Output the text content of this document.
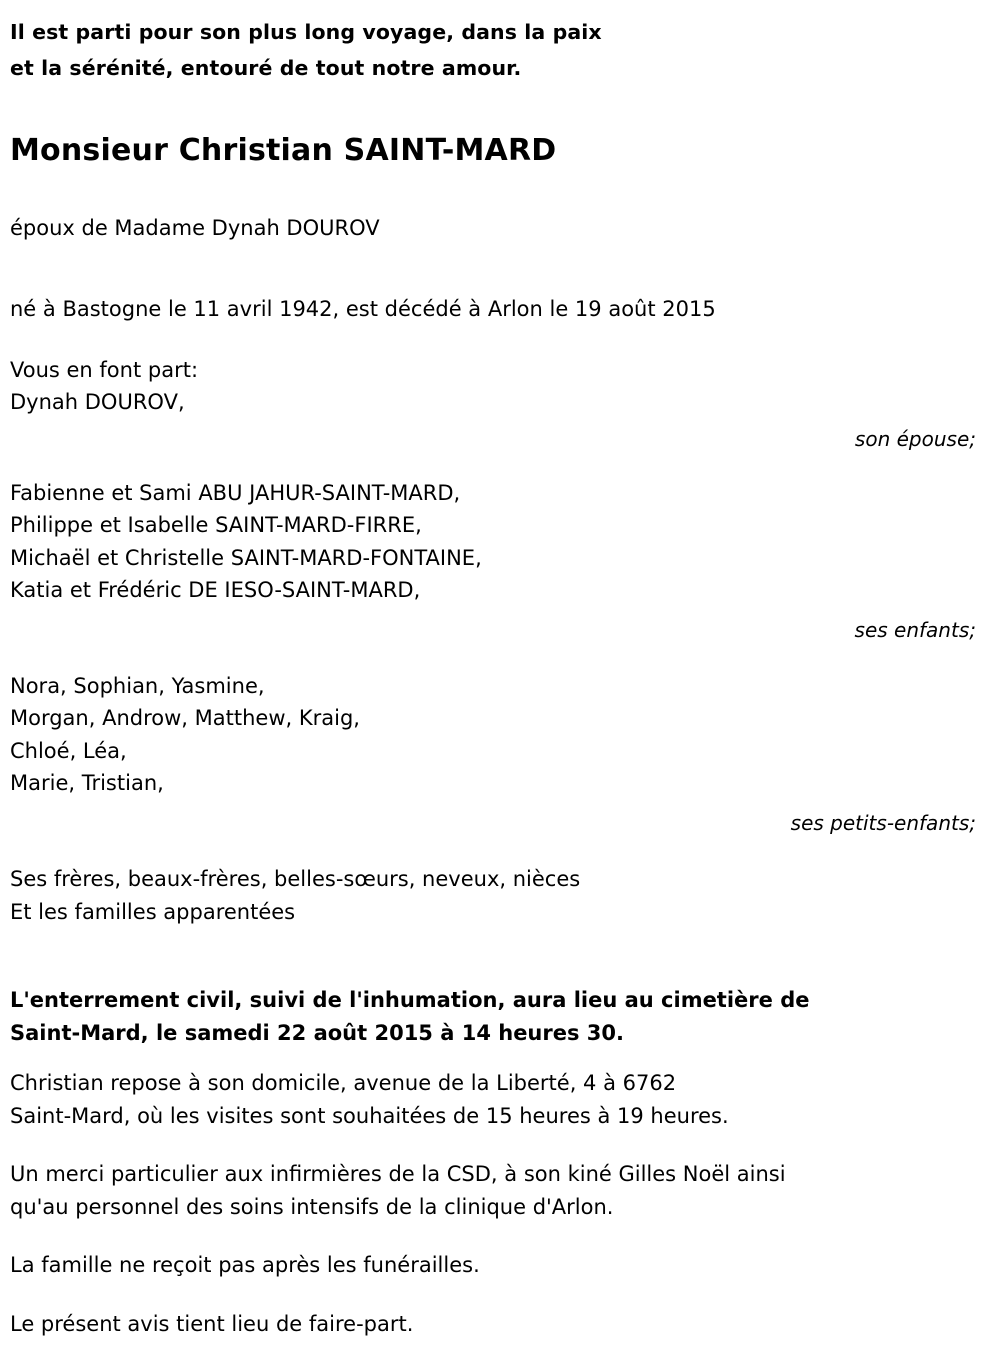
Il est parti pour son plus long voyage, dans la paix
et la sérénité, entouré de tout notre amour.
Monsieur Christian SAINT-MARD
époux de Madame Dynah DOUROV
né à Bastogne le 11 avril 1942, est décédé à Arlon le 19 août 2015
Vous en font part:
Dynah DOUROV,
son épouse;
Fabienne et Sami ABU JAHUR-SAINT-MARD,
Philippe et Isabelle SAINT-MARD-FIRRE,
Michaël et Christelle SAINT-MARD-FONTAINE,
Katia et Frédéric DE IESO-SAINT-MARD,
ses enfants;
Nora, Sophian, Yasmine,
Morgan, Androw, Matthew, Kraig,
Chloé, Léa,
Marie, Tristian,
ses petits-enfants;
Ses frères, beaux-frères, belles-sœurs, neveux, nièces
Et les familles apparentées
L'enterrement civil, suivi de l'inhumation, aura lieu au cimetière de
Saint-Mard, le samedi 22 août 2015 à 14 heures 30.
Christian repose à son domicile, avenue de la Liberté, 4 à 6762
Saint-Mard, où les visites sont souhaitées de 15 heures à 19 heures.
Un merci particulier aux infirmières de la CSD, à son kiné Gilles Noël ainsi
qu'au personnel des soins intensifs de la clinique d'Arlon.
La famille ne reçoit pas après les funérailles.
Le présent avis tient lieu de faire-part.
